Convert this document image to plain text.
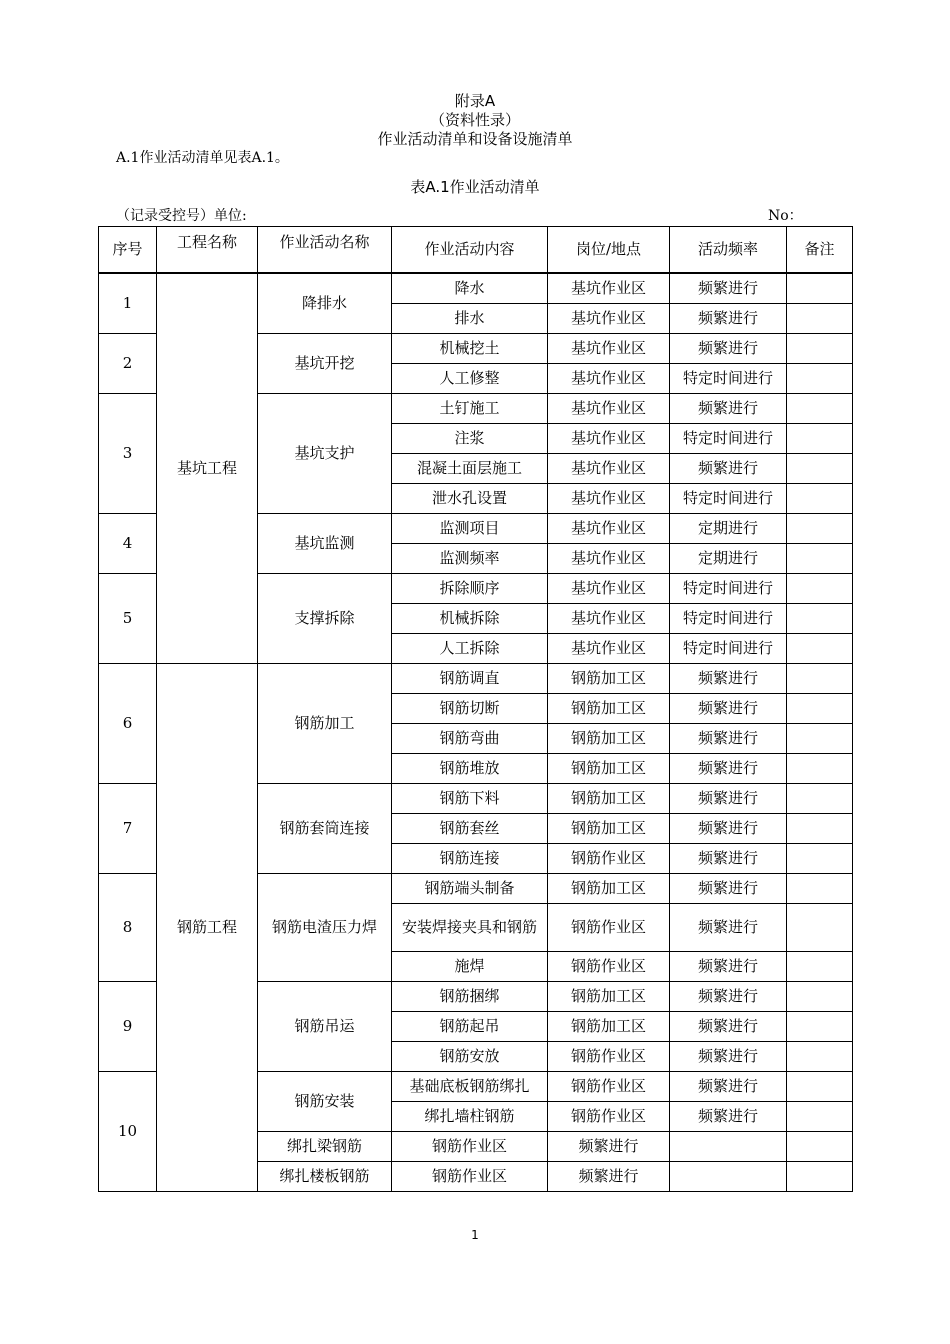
附录A
（资料性录）
作业活动清单和设备设施清单
A.1作业活动清单见表A.1。
表A.1作业活动清单
（记录受控号）单位:	No：
序号	工程名称	作业活动名称	作业活动内容	岗位/地点	活动频率	备注
1	基坑工程	降排水	降水	基坑作业区	频繁进行	
			排水	基坑作业区	频繁进行	
2		基坑开挖	机械挖土	基坑作业区	频繁进行	
			人工修整	基坑作业区	特定时间进行	
3		基坑支护	土钉施工	基坑作业区	频繁进行	
			注浆	基坑作业区	特定时间进行	
			混凝土面层施工	基坑作业区	频繁进行	
			泄水孔设置	基坑作业区	特定时间进行	
4		基坑监测	监测项目	基坑作业区	定期进行	
			监测频率	基坑作业区	定期进行	
5		支撑拆除	拆除顺序	基坑作业区	特定时间进行	
			机械拆除	基坑作业区	特定时间进行	
			人工拆除	基坑作业区	特定时间进行	
6	钢筋工程	钢筋加工	钢筋调直	钢筋加工区	频繁进行	
			钢筋切断	钢筋加工区	频繁进行	
			钢筋弯曲	钢筋加工区	频繁进行	
			钢筋堆放	钢筋加工区	频繁进行	
7		钢筋套筒连接	钢筋下料	钢筋加工区	频繁进行	
			钢筋套丝	钢筋加工区	频繁进行	
			钢筋连接	钢筋作业区	频繁进行	
8		钢筋电渣压力焊	钢筋端头制备	钢筋加工区	频繁进行	
			安装焊接夹具和钢筋	钢筋作业区	频繁进行	
			施焊	钢筋作业区	频繁进行	
9		钢筋吊运	钢筋捆绑	钢筋加工区	频繁进行	
			钢筋起吊	钢筋加工区	频繁进行	
			钢筋安放	钢筋作业区	频繁进行	
10		钢筋安装	基础底板钢筋绑扎	钢筋作业区	频繁进行	
			绑扎墙柱钢筋	钢筋作业区	频繁进行	
		绑扎梁钢筋	钢筋作业区	频繁进行		
		绑扎楼板钢筋	钢筋作业区	频繁进行		
1
